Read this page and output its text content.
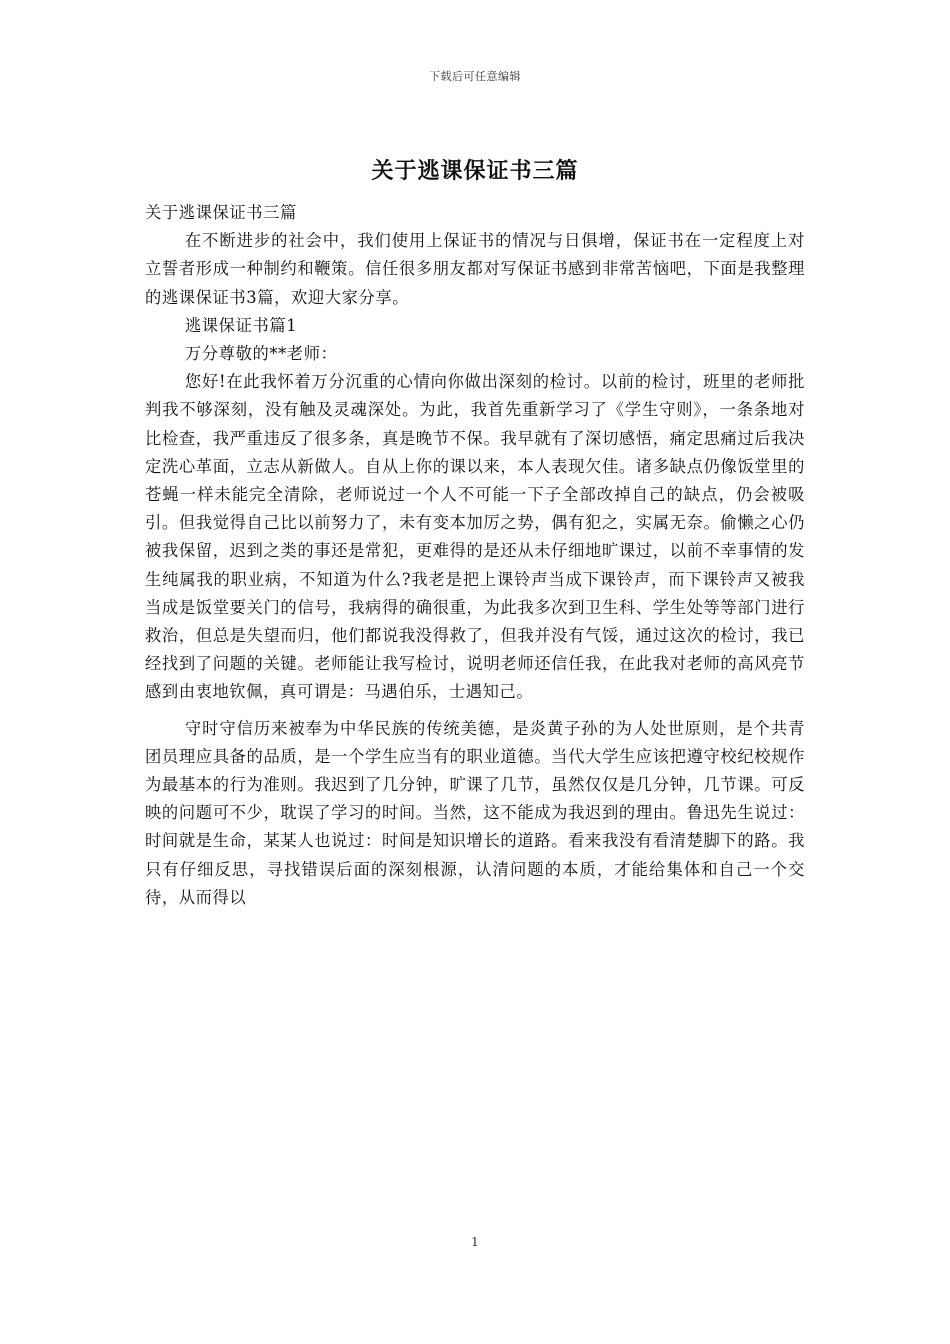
下载后可任意编辑
关于逃课保证书三篇

关于逃课保证书三篇

在不断进步的社会中，我们使用上保证书的情况与日俱增，保证书在一定程度上对立誓者形成一种制约和鞭策。信任很多朋友都对写保证书感到非常苦恼吧，下面是我整理的逃课保证书3篇，欢迎大家分享。

逃课保证书篇1

万分尊敬的**老师：

您好!在此我怀着万分沉重的心情向你做出深刻的检讨。以前的检讨，班里的老师批判我不够深刻，没有触及灵魂深处。为此，我首先重新学习了《学生守则》，一条条地对比检查，我严重违反了很多条，真是晚节不保。我早就有了深切感悟，痛定思痛过后我决定洗心革面，立志从新做人。自从上你的课以来，本人表现欠佳。诸多缺点仍像饭堂里的苍蝇一样未能完全清除，老师说过一个人不可能一下子全部改掉自己的缺点，仍会被吸引。但我觉得自己比以前努力了，未有变本加厉之势，偶有犯之，实属无奈。偷懒之心仍被我保留，迟到之类的事还是常犯，更难得的是还从未仔细地旷课过，以前不幸事情的发生纯属我的职业病，不知道为什么?我老是把上课铃声当成下课铃声，而下课铃声又被我当成是饭堂要关门的信号，我病得的确很重，为此我多次到卫生科、学生处等等部门进行救治，但总是失望而归，他们都说我没得救了，但我并没有气馁，通过这次的检讨，我已经找到了问题的关键。老师能让我写检讨，说明老师还信任我，在此我对老师的高风亮节感到由衷地钦佩，真可谓是：马遇伯乐，士遇知己。

守时守信历来被奉为中华民族的传统美德，是炎黄子孙的为人处世原则，是个共青团员理应具备的品质，是一个学生应当有的职业道德。当代大学生应该把遵守校纪校规作为最基本的行为准则。我迟到了几分钟，旷课了几节，虽然仅仅是几分钟，几节课。可反映的问题可不少，耽误了学习的时间。当然，这不能成为我迟到的理由。鲁迅先生说过：时间就是生命，某某人也说过：时间是知识增长的道路。看来我没有看清楚脚下的路。我只有仔细反思，寻找错误后面的深刻根源，认清问题的本质，才能给集体和自己一个交待，从而得以

1
